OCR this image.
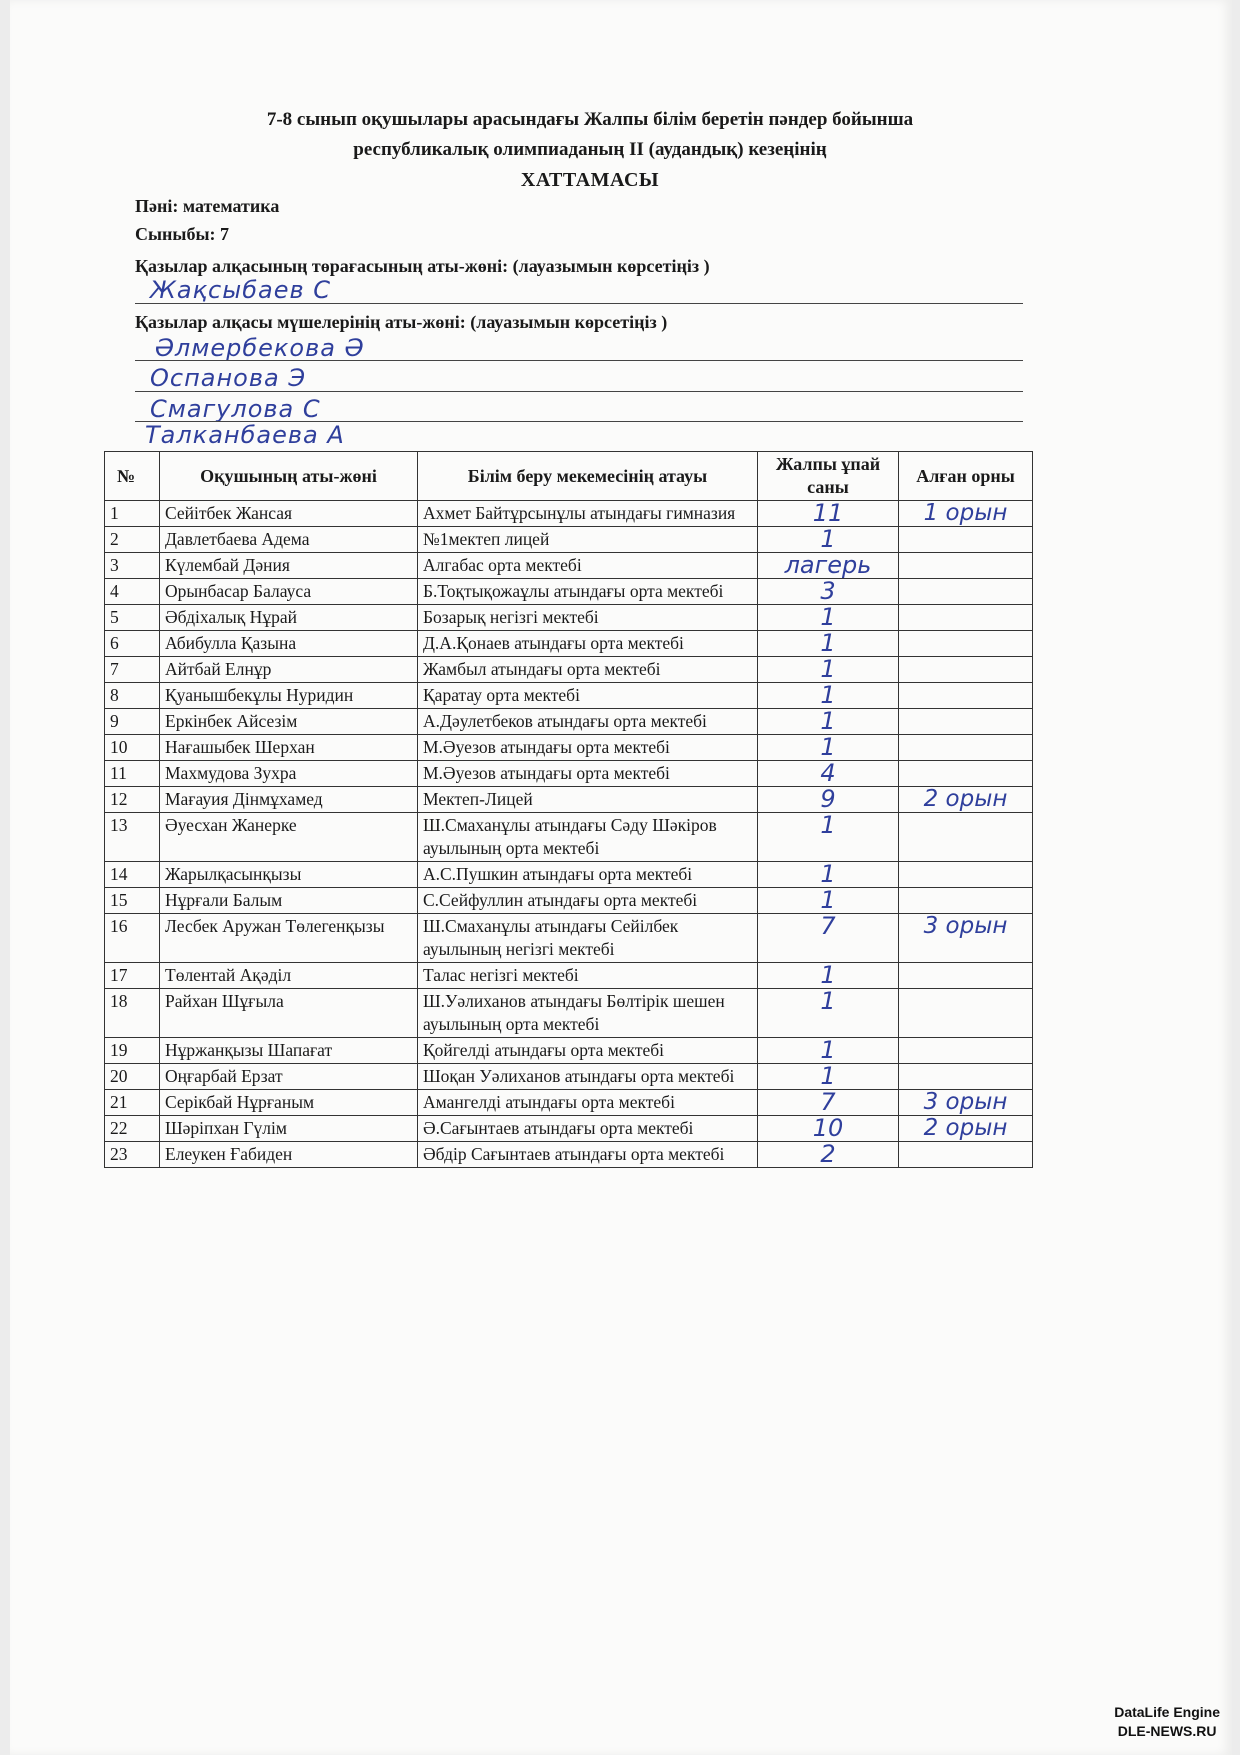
7-8 сынып оқушылары арасындағы Жалпы білім беретін пәндер бойынша
республикалық олимпиаданың II (аудандық) кезеңінің
ХАТТАМАСЫ
Пәні: математика
Сыныбы: 7
Қазылар алқасының төрағасының аты-жөні: (лауазымын көрсетіңіз )
Жақсыбаев С
Қазылар алқасы мүшелерінің аты-жөні: (лауазымын көрсетіңіз )
Әлмербекова Ә
Оспанова Э
Смагулова С
Талканбаева А
№	Оқушының аты-жөні	Білім беру мекемесінің атауы	Жалпы ұпай саны	Алған орны
1	Сейітбек Жансая	Ахмет Байтұрсынұлы атындағы гимназия	11	1 орын
2	Давлетбаева Адема	№1мектеп лицей	1	
3	Күлембай Дәния	Алгабас орта мектебі	лагерь	
4	Орынбасар Балауса	Б.Тоқтықожаұлы атындағы орта мектебі	3	
5	Әбдіхалық Нұрай	Бозарық негізгі мектебі	1	
6	Абибулла Қазына	Д.А.Қонаев атындағы орта мектебі	1	
7	Айтбай Елнұр	Жамбыл атындағы орта мектебі	1	
8	Қуанышбекұлы Нуридин	Қаратау орта мектебі	1	
9	Еркінбек Айсезім	А.Дәулетбеков атындағы орта мектебі	1	
10	Нағашыбек Шерхан	М.Әуезов атындағы орта мектебі	1	
11	Махмудова Зухра	М.Әуезов атындағы орта мектебі	4	
12	Мағауия Дінмұхамед	Мектеп-Лицей	9	2 орын
13	Әуесхан Жанерке	Ш.Смаханұлы атындағы Сәду Шәкіров ауылының орта мектебі	1	
14	Жарылқасынқызы	А.С.Пушкин атындағы орта мектебі	1	
15	Нұрғали Балым	С.Сейфуллин атындағы орта мектебі	1	
16	Лесбек Аружан Төлегенқызы	Ш.Смаханұлы атындағы Сейілбек ауылының негізгі мектебі	7	3 орын
17	Төлентай Ақәділ	Талас негізгі мектебі	1	
18	Райхан Шұғыла	Ш.Уәлиханов атындағы Бөлтірік шешен ауылының орта мектебі	1	
19	Нұржанқызы Шапағат	Қойгелді атындағы орта мектебі	1	
20	Оңғарбай Ерзат	Шоқан Уәлиханов атындағы орта мектебі	1	
21	Серікбай Нұрғаным	Амангелді атындағы орта мектебі	7	3 орын
22	Шәріпхан Гүлім	Ә.Сағынтаев атындағы орта мектебі	10	2 орын
23	Елеукен Ғабиден	Әбдір Сағынтаев атындағы орта мектебі	2	
DataLife Engine
DLE-NEWS.RU
